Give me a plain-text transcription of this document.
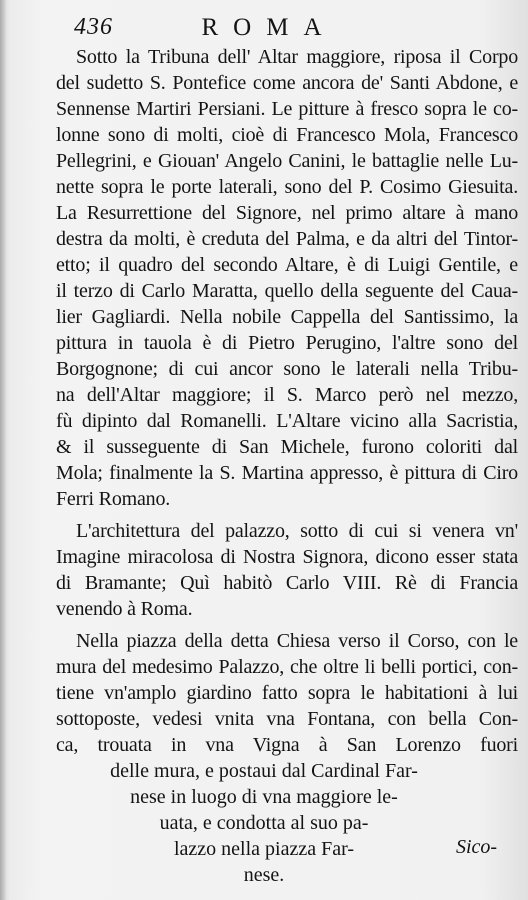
436	ROMA
Sotto la Tribuna dell' Altar maggiore, riposa il Corpo
del sudetto S. Pontefice come ancora de' Santi Abdone, e
Sennense Martiri Persiani. Le pitture à fresco sopra le co-
lonne sono di molti, cioè di Francesco Mola, Francesco
Pellegrini, e Giouan' Angelo Canini, le battaglie nelle Lu-
nette sopra le porte laterali, sono del P. Cosimo Giesuita.
La Resurrettione del Signore, nel primo altare à mano
destra da molti, è creduta del Palma, e da altri del Tintor-
etto; il quadro del secondo Altare, è di Luigi Gentile, e
il terzo di Carlo Maratta, quello della seguente del Caua-
lier Gagliardi. Nella nobile Cappella del Santissimo, la
pittura in tauola è di Pietro Perugino, l'altre sono del
Borgognone; di cui ancor sono le laterali nella Tribu-
na dell'Altar maggiore; il S. Marco però nel mezzo,
fù dipinto dal Romanelli. L'Altare vicino alla Sacristia,
& il susseguente di San Michele, furono coloriti dal
Mola; finalmente la S. Martina appresso, è pittura di Ciro
Ferri Romano.
L'architettura del palazzo, sotto di cui si venera vn'
Imagine miracolosa di Nostra Signora, dicono esser stata
di Bramante; Quì habitò Carlo VIII. Rè di Francia
venendo à Roma.
Nella piazza della detta Chiesa verso il Corso, con le
mura del medesimo Palazzo, che oltre li belli portici, con-
tiene vn'amplo giardino fatto sopra le habitationi à lui
sottoposte, vedesi vnita vna Fontana, con bella Con-
ca, trouata in vna Vigna à San Lorenzo fuori
delle mura, e postaui dal Cardinal Far-
nese in luogo di vna maggiore le-
uata, e condotta al suo pa-
lazzo nella piazza Far-
nese.
Sico-
